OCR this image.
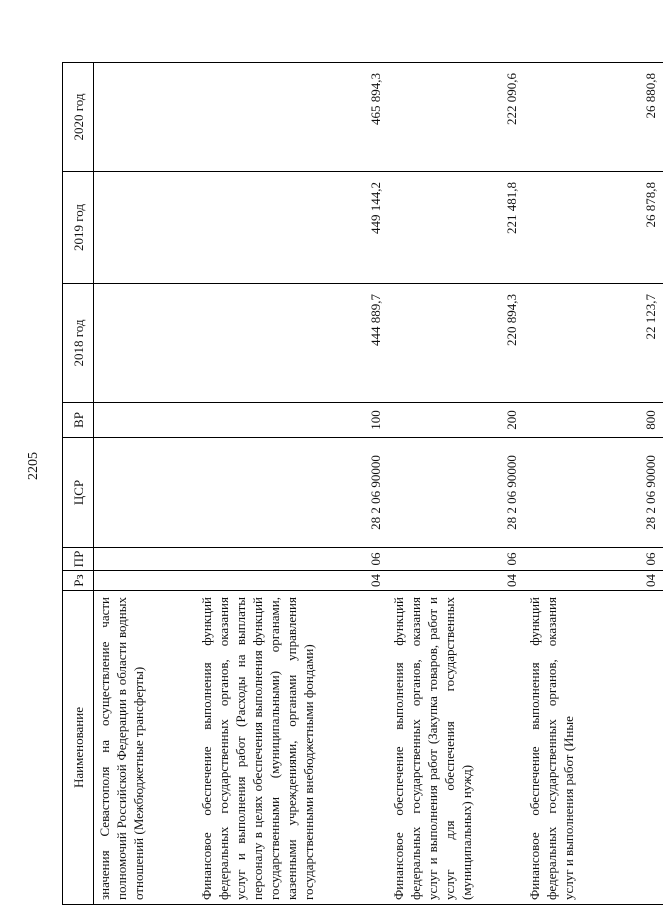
2205
Наименование	Рз	ПР	ЦСР	ВР	2018 год	2019 год	2020 год
значения Севастополя на осуществление части полномочий Российской Федерации в области водных отношений (Межбюджетные трансферты)							
Финансовое обеспечение выполнения функций федеральных государственных органов, оказания услуг и выполнения работ (Расходы на выплаты персоналу в целях обеспечения выполнения функций государственными (муниципальными) органами, казенными учреждениями, органами управления государственными внебюджетными фондами)	04	06	28 2 06 90000	100	444 889,7	449 144,2	465 894,3
Финансовое обеспечение выполнения функций федеральных государственных органов, оказания услуг и выполнения работ (Закупка товаров, работ и услуг для обеспечения государственных (муниципальных) нужд)	04	06	28 2 06 90000	200	220 894,3	221 481,8	222 090,6
Финансовое обеспечение выполнения функций федеральных государственных органов, оказания услуг и выполнения работ (Иные	04	06	28 2 06 90000	800	22 123,7	26 878,8	26 880,8
